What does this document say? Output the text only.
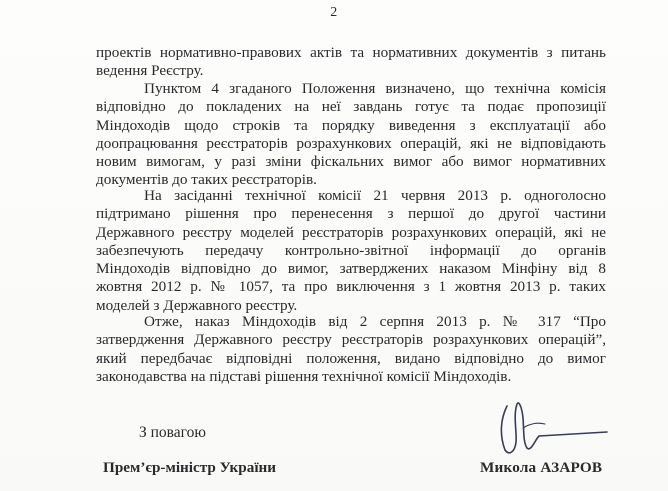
2
проектів нормативно-правових актів та нормативних документів з питань
ведення Реєстру.
Пунктом 4 згаданого Положення визначено, що технічна комісія
відповідно до покладених на неї завдань готує та подає пропозиції
Міндоходів щодо строків та порядку виведення з експлуатації або
доопрацювання реєстраторів розрахункових операцій, які не відповідають
новим вимогам, у разі зміни фіскальних вимог або вимог нормативних
документів до таких реєстраторів.
На засіданні технічної комісії 21 червня 2013 р. одноголосно
підтримано рішення про перенесення з першої до другої частини
Державного реєстру моделей реєстраторів розрахункових операцій, які не
забезпечують передачу контрольно-звітної інформації до органів
Міндоходів відповідно до вимог, затверджених наказом Мінфіну від 8
жовтня 2012 р. № 1057, та про виключення з 1 жовтня 2013 р. таких
моделей з Державного реєстру.
Отже, наказ Міндоходів від 2 серпня 2013 р. № 317 “Про
затвердження Державного реєстру реєстраторів розрахункових операцій”,
який передбачає відповідні положення, видано відповідно до вимог
законодавства на підставі рішення технічної комісії Міндоходів.
З повагою
Прем’єр-міністр України	Микола АЗАРОВ
